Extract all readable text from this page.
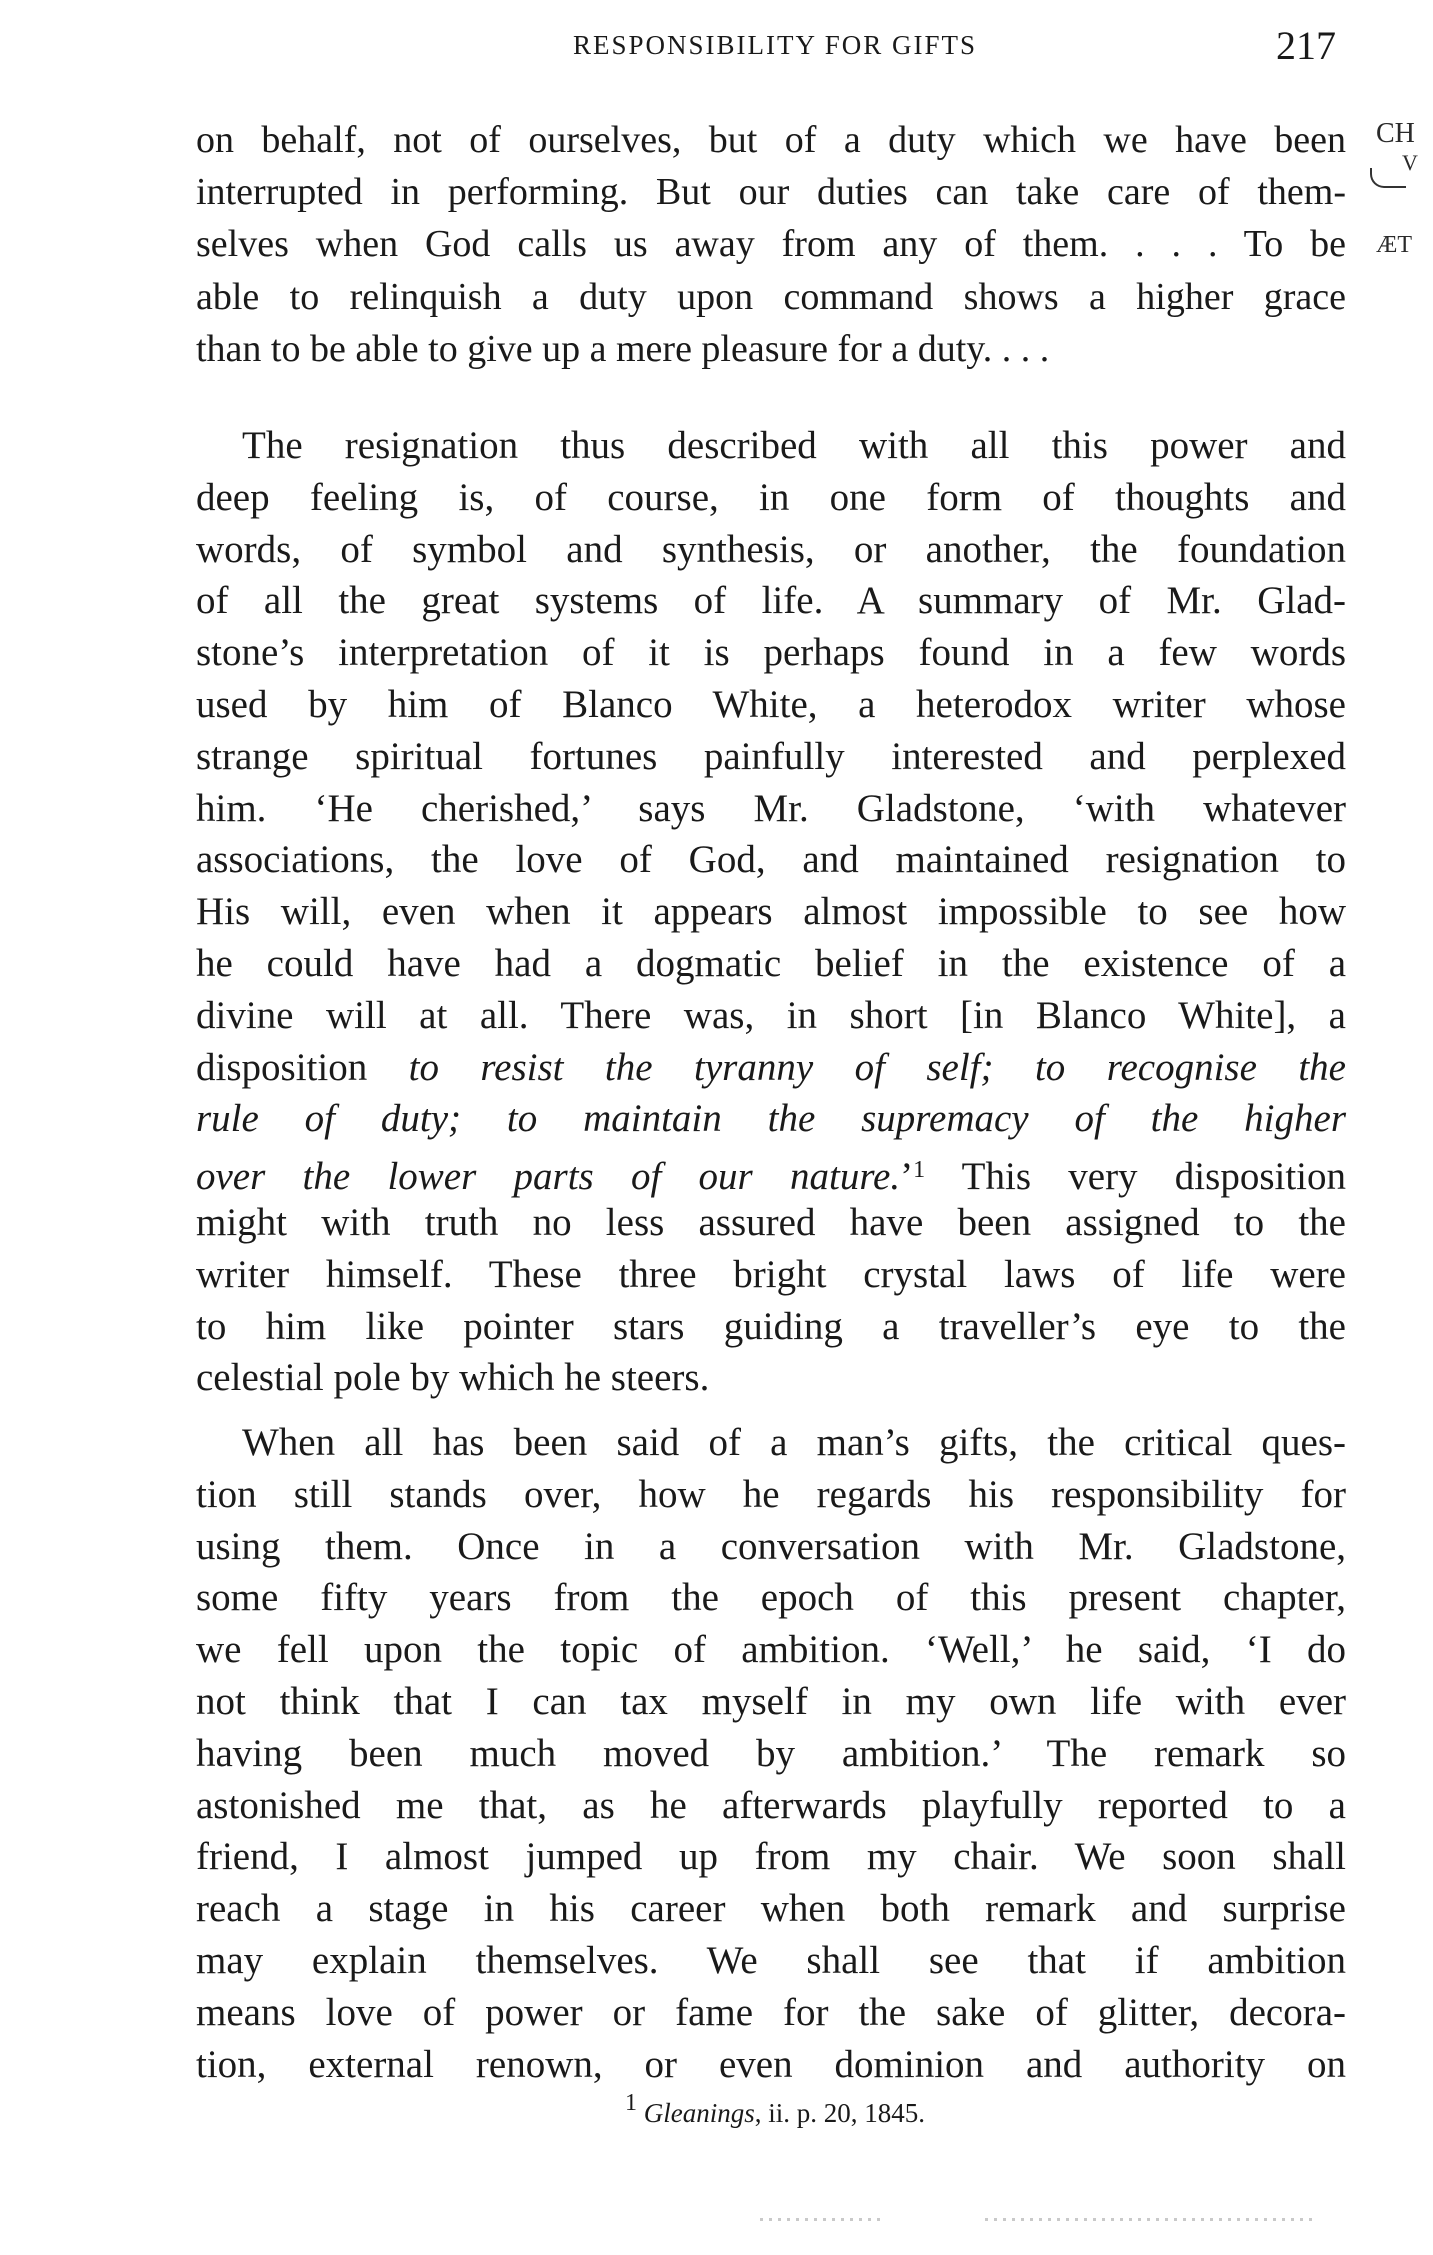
RESPONSIBILITY FOR GIFTS	217
CH
V
ÆT
on behalf, not of ourselves, but of a duty which we have been
interrupted in performing. But our duties can take care of them-
selves when God calls us away from any of them. . . . To be
able to relinquish a duty upon command shows a higher grace
than to be able to give up a mere pleasure for a duty. . . .
The resignation thus described with all this power and
deep feeling is, of course, in one form of thoughts and
words, of symbol and synthesis, or another, the foundation
of all the great systems of life. A summary of Mr. Glad-
stone’s interpretation of it is perhaps found in a few words
used by him of Blanco White, a heterodox writer whose
strange spiritual fortunes painfully interested and perplexed
him. ‘He cherished,’ says Mr. Gladstone, ‘with whatever
associations, the love of God, and maintained resignation to
His will, even when it appears almost impossible to see how
he could have had a dogmatic belief in the existence of a
divine will at all. There was, in short [in Blanco White], a
disposition to resist the tyranny of self; to recognise the
rule of duty; to maintain the supremacy of the higher
over the lower parts of our nature.’$^1$ This very disposition
might with truth no less assured have been assigned to the
writer himself. These three bright crystal laws of life were
to him like pointer stars guiding a traveller’s eye to the
celestial pole by which he steers.
When all has been said of a man’s gifts, the critical ques-
tion still stands over, how he regards his responsibility for
using them. Once in a conversation with Mr. Gladstone,
some fifty years from the epoch of this present chapter,
we fell upon the topic of ambition. ‘Well,’ he said, ‘I do
not think that I can tax myself in my own life with ever
having been much moved by ambition.’ The remark so
astonished me that, as he afterwards playfully reported to a
friend, I almost jumped up from my chair. We soon shall
reach a stage in his career when both remark and surprise
may explain themselves. We shall see that if ambition
means love of power or fame for the sake of glitter, decora-
tion, external renown, or even dominion and authority on
1 Gleanings, ii. p. 20, 1845.
